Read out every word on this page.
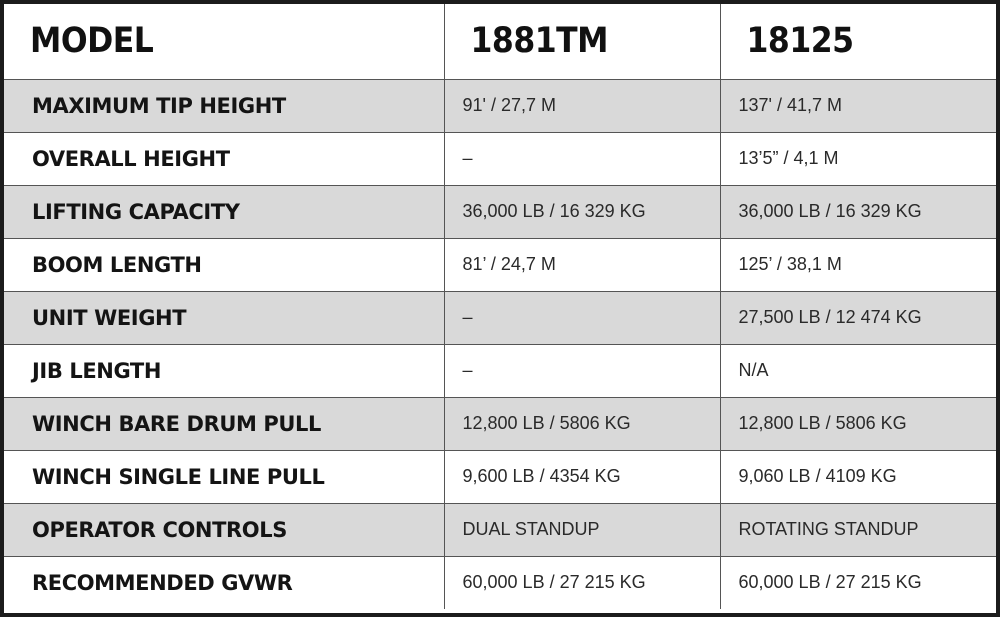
MODEL	1881TM	18125
MAXIMUM TIP HEIGHT	91' / 27,7 M	137' / 41,7 M
OVERALL HEIGHT	–	13’5” / 4,1 M
LIFTING CAPACITY	36,000 LB / 16 329 KG	36,000 LB / 16 329 KG
BOOM LENGTH	81’ / 24,7 M	125’ / 38,1 M
UNIT WEIGHT	–	27,500 LB / 12 474 KG
JIB LENGTH	–	N/A
WINCH BARE DRUM PULL	12,800 LB / 5806 KG	12,800 LB / 5806 KG
WINCH SINGLE LINE PULL	9,600 LB / 4354 KG	9,060 LB / 4109 KG
OPERATOR CONTROLS	DUAL STANDUP	ROTATING STANDUP
RECOMMENDED GVWR	60,000 LB / 27 215 KG	60,000 LB / 27 215 KG
